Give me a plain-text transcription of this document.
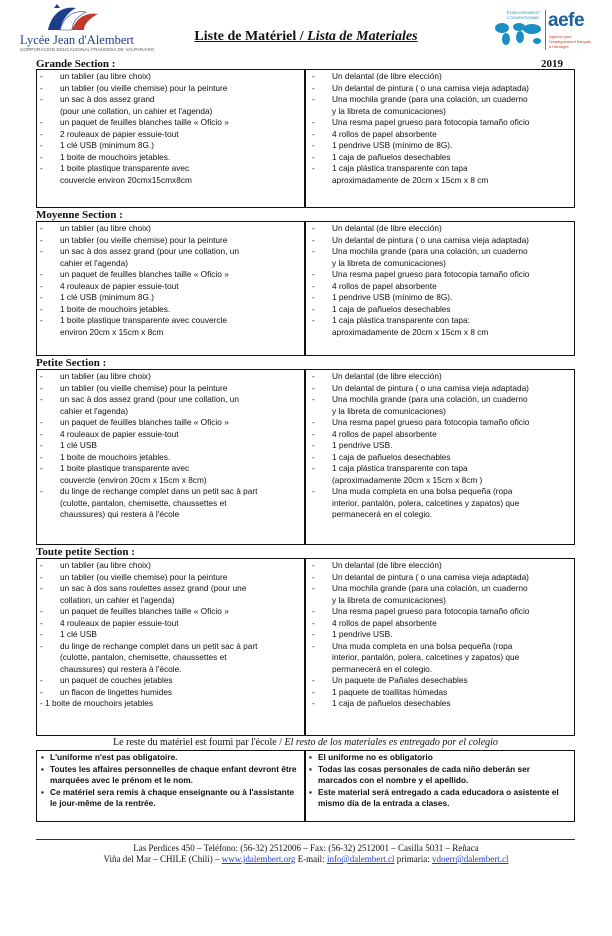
Lycée Jean d'Alembert
CORPORACIÓN EDUCACIONAL FRANCESA DE VALPARAÍSO
Liste de Matériel / Lista de Materiales
ÉTABLISSEMENT CONVENTIONNÉ aefe
Agence pour l'enseignement français à l'étranger
Grande Section :	2019
- un tablier (au libre choix)
- un tablier (ou vieille chemise) pour la peinture
- un sac à dos assez grand
(pour une collation, un cahier et l'agenda)
- un paquet de feuilles blanches taille « Oficio »
- 2 rouleaux de papier essuie-tout
- 1 clé USB (minimum 8G.)
- 1 boite de mouchoirs jetables.
- 1 boite plastique transparente avec
couvercle environ 20cmx15cmx8cm
- Un delantal (de libre elección)
- Un delantal de pintura ( o una camisa vieja adaptada)
- Una mochila grande (para una colación, un cuaderno
y la libreta de comunicaciones)
- Una resma papel grueso para fotocopia tamaño oficio
- 4 rollos de papel absorbente
- 1 pendrive USB (mínimo de 8G).
- 1 caja de pañuelos desechables
- 1 caja plástica transparente con tapa
aproximadamente de 20cm x 15cm x 8 cm
Moyenne Section :
- un tablier (au libre choix)
- un tablier (ou vieille chemise) pour la peinture
- un sac à dos assez grand (pour une collation, un
cahier et l'agenda)
- un paquet de feuilles blanches taille « Oficio »
- 4 rouleaux de papier essuie-tout
- 1 clé USB (minimum 8G.)
- 1 boite de mouchoirs jetables.
- 1 boite plastique transparente avec couvercle
environ 20cm x 15cm x 8cm
- Un delantal (de libre elección)
- Un delantal de pintura ( o una camisa vieja adaptada)
- Una mochila grande (para una colación, un cuaderno
y la libreta de comunicaciones)
- Una resma papel grueso para fotocopia tamaño oficio
- 4 rollos de papel absorbente
- 1 pendrive USB (mínimo de 8G).
- 1 caja de pañuelos desechables
- 1 caja plástica transparente con tapa:
aproximadamente de 20cm x 15cm x 8 cm
Petite Section :
- un tablier (au libre choix)
- un tablier (ou vieille chemise) pour la peinture
- un sac à dos assez grand (pour une collation, un
cahier et l'agenda)
- un paquet de feuilles blanches taille « Oficio »
- 4 rouleaux de papier essuie-tout
- 1 clé USB
- 1 boite de mouchoirs jetables.
- 1 boite plastique transparente avec
couvercle (environ 20cm x 15cm x 8cm)
- du linge de rechange complet dans un petit sac à part
(culotte, pantalon, chemisette, chaussettes et
chaussures) qui restera à l'école
- Un delantal (de libre elección)
- Un delantal de pintura ( o una camisa vieja adaptada)
- Una mochila grande (para una colación, un cuaderno
y la libreta de comunicaciones)
- Una resma papel grueso para fotocopia tamaño oficio
- 4 rollos de papel absorbente
- 1 pendrive USB.
- 1 caja de pañuelos desechables
- 1 caja plástica transparente con tapa
(aproximadamente 20cm x 15cm x 8cm )
- Una muda completa en una bolsa pequeña (ropa
interior, pantalón, polera, calcetines y zapatos) que
permanecerá en el colegio.
Toute petite Section :
- un tablier (au libre choix)
- un tablier (ou vieille chemise) pour la peinture
- un sac à dos sans roulettes assez grand (pour une
collation, un cahier et l'agenda)
- un paquet de feuilles blanches taille « Oficio »
- 4 rouleaux de papier essuie-tout
- 1 clé USB
- du linge de rechange complet dans un petit sac à part
(culotte, pantalon, chemisette, chaussettes et
chaussures) qui restera à l'école.
- un paquet de couches jetables
- un flacon de lingettes humides
- 1 boite de mouchoirs jetables
- Un delantal (de libre elección)
- Un delantal de pintura ( o una camisa vieja adaptada)
- Una mochila grande (para una colación, un cuaderno
y la libreta de comunicaciones)
- Una resma papel grueso para fotocopia tamaño oficio
- 4 rollos de papel absorbente
- 1 pendrive USB.
- Una muda completa en una bolsa pequeña (ropa
interior, pantalón, polera, calcetines y zapatos) que
permanecerá en el colegio.
- Un paquete de Pañales desechables
- 1 paquete de toallitas húmedas
- 1 caja de pañuelos desechables
Le reste du matériel est fourni par l'école / El resto de los materiales es entregado por el colegio
▪ L'uniforme n'est pas obligatoire.
▪ Toutes les affaires personnelles de chaque enfant devront être marquées avec le prénom et le nom.
▪ Ce matériel sera remis à chaque enseignante ou à l'assistante le jour-même de la rentrée.
▪ El uniforme no es obligatorio
▪ Todas las cosas personales de cada niño deberán ser marcados con el nombre y el apellido.
▪ Este material será entregado a cada educadora o asistente el mismo día de la entrada a clases.
Las Perdices 450 – Teléfono: (56-32) 2512006 – Fax: (56-32) 2512001 – Casilla 5031 – Reñaca
Viña del Mar – CHILE (Chili) – www.jdalembert.org E-mail: info@dalembert.cl primaria: vdoerr@dalembert.cl
